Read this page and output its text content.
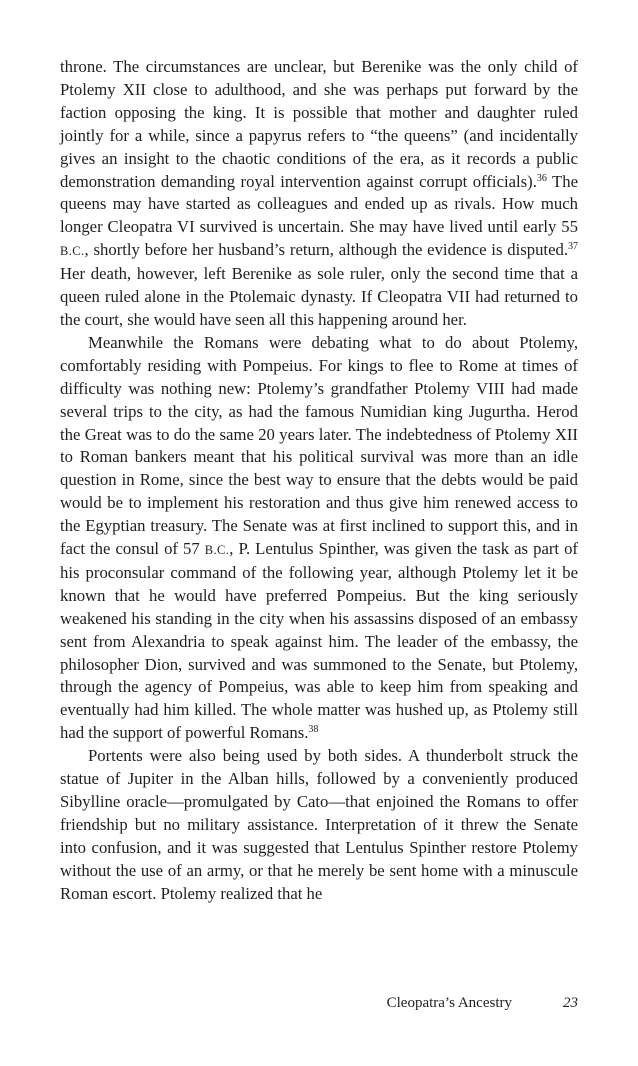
throne. The circumstances are unclear, but Berenike was the only child of Ptolemy XII close to adulthood, and she was perhaps put forward by the faction opposing the king. It is possible that mother and daughter ruled jointly for a while, since a papyrus refers to “the queens” (and incidentally gives an insight to the chaotic conditions of the era, as it records a public demonstration demanding royal intervention against corrupt officials).$^{36}$ The queens may have started as colleagues and ended up as rivals. How much longer Cleopatra VI survived is uncertain. She may have lived until early 55 B.C., shortly before her husband’s return, although the evidence is disputed.$^{37}$ Her death, however, left Berenike as sole ruler, only the second time that a queen ruled alone in the Ptolemaic dynasty. If Cleopatra VII had returned to the court, she would have seen all this happening around her.

Meanwhile the Romans were debating what to do about Ptolemy, comfortably residing with Pompeius. For kings to flee to Rome at times of difficulty was nothing new: Ptolemy’s grandfather Ptolemy VIII had made several trips to the city, as had the famous Numidian king Jugurtha. Herod the Great was to do the same 20 years later. The indebtedness of Ptolemy XII to Roman bankers meant that his political survival was more than an idle question in Rome, since the best way to ensure that the debts would be paid would be to implement his restoration and thus give him renewed access to the Egyptian treasury. The Senate was at first inclined to support this, and in fact the consul of 57 B.C., P. Lentulus Spinther, was given the task as part of his proconsular command of the following year, although Ptolemy let it be known that he would have preferred Pompeius. But the king seriously weakened his standing in the city when his assassins disposed of an embassy sent from Alexandria to speak against him. The leader of the embassy, the philosopher Dion, survived and was summoned to the Senate, but Ptolemy, through the agency of Pompeius, was able to keep him from speaking and eventually had him killed. The whole matter was hushed up, as Ptolemy still had the support of powerful Romans.$^{38}$

Portents were also being used by both sides. A thunderbolt struck the statue of Jupiter in the Alban hills, followed by a conveniently produced Sibylline oracle—promulgated by Cato—that enjoined the Romans to offer friendship but no military assistance. Interpretation of it threw the Senate into confusion, and it was suggested that Lentulus Spinther restore Ptolemy without the use of an army, or that he merely be sent home with a minuscule Roman escort. Ptolemy realized that he

Cleopatra’s Ancestry	23
